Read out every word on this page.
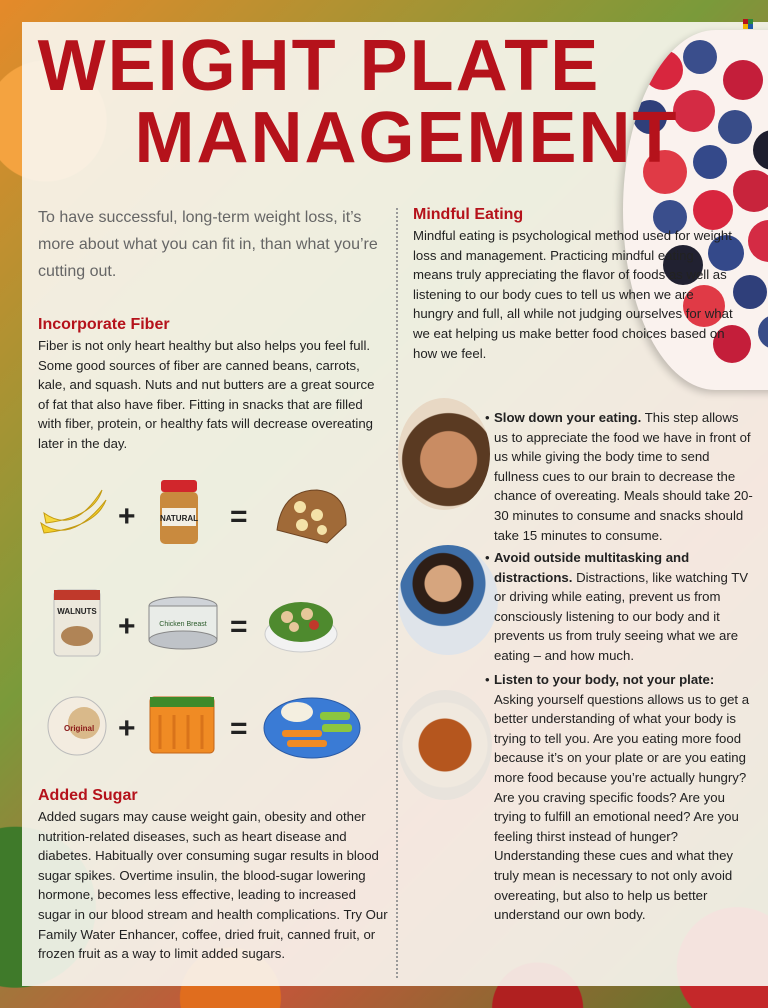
WEIGHT PLATE
MANAGEMENT
To have successful, long-term weight loss, it’s more about what you can fit in, than what you’re cutting out.
Incorporate Fiber

Fiber is not only heart healthy but also helps you feel full. Some good sources of fiber are canned beans, carrots, kale, and squash. Nuts and nut butters are a great source of fat that also have fiber. Fitting in snacks that are filled with fiber, protein, or healthy fats will decrease overeating later in the day.

+	NATURAL =
WALNUTS +	Chicken Breast =
Original +	=
Added Sugar

Added sugars may cause weight gain, obesity and other nutrition-related diseases, such as heart disease and diabetes. Habitually over consuming sugar results in blood sugar spikes. Overtime insulin, the blood-sugar lowering hormone, becomes less effective, leading to increased sugar in our blood stream and health complications. Try Our Family Water Enhancer, coffee, dried fruit, canned fruit, or frozen fruit as a way to limit added sugars.

Mindful Eating

Mindful eating is psychological method used for weight loss and management. Practicing mindful eating means truly appreciating the flavor of foods as well as listening to our body cues to tell us when we are hungry and full, all while not judging ourselves for what we eat helping us make better food choices based on how we feel.

• Slow down your eating. This step allows us to appreciate the food we have in front of us while giving the body time to send fullness cues to our brain to decrease the chance of overeating. Meals should take 20-30 minutes to consume and snacks should take 15 minutes to consume.
• Avoid outside multitasking and distractions. Distractions, like watching TV or driving while eating, prevent us from consciously listening to our body and it prevents us from truly seeing what we are eating – and how much.
• Listen to your body, not your plate: Asking yourself questions allows us to get a better understanding of what your body is trying to tell you. Are you eating more food because it’s on your plate or are you eating more food because you’re actually hungry? Are you craving specific foods? Are you trying to fulfill an emotional need? Are you feeling thirst instead of hunger? Understanding these cues and what they truly mean is necessary to not only avoid overeating, but also to help us better understand our own body.
